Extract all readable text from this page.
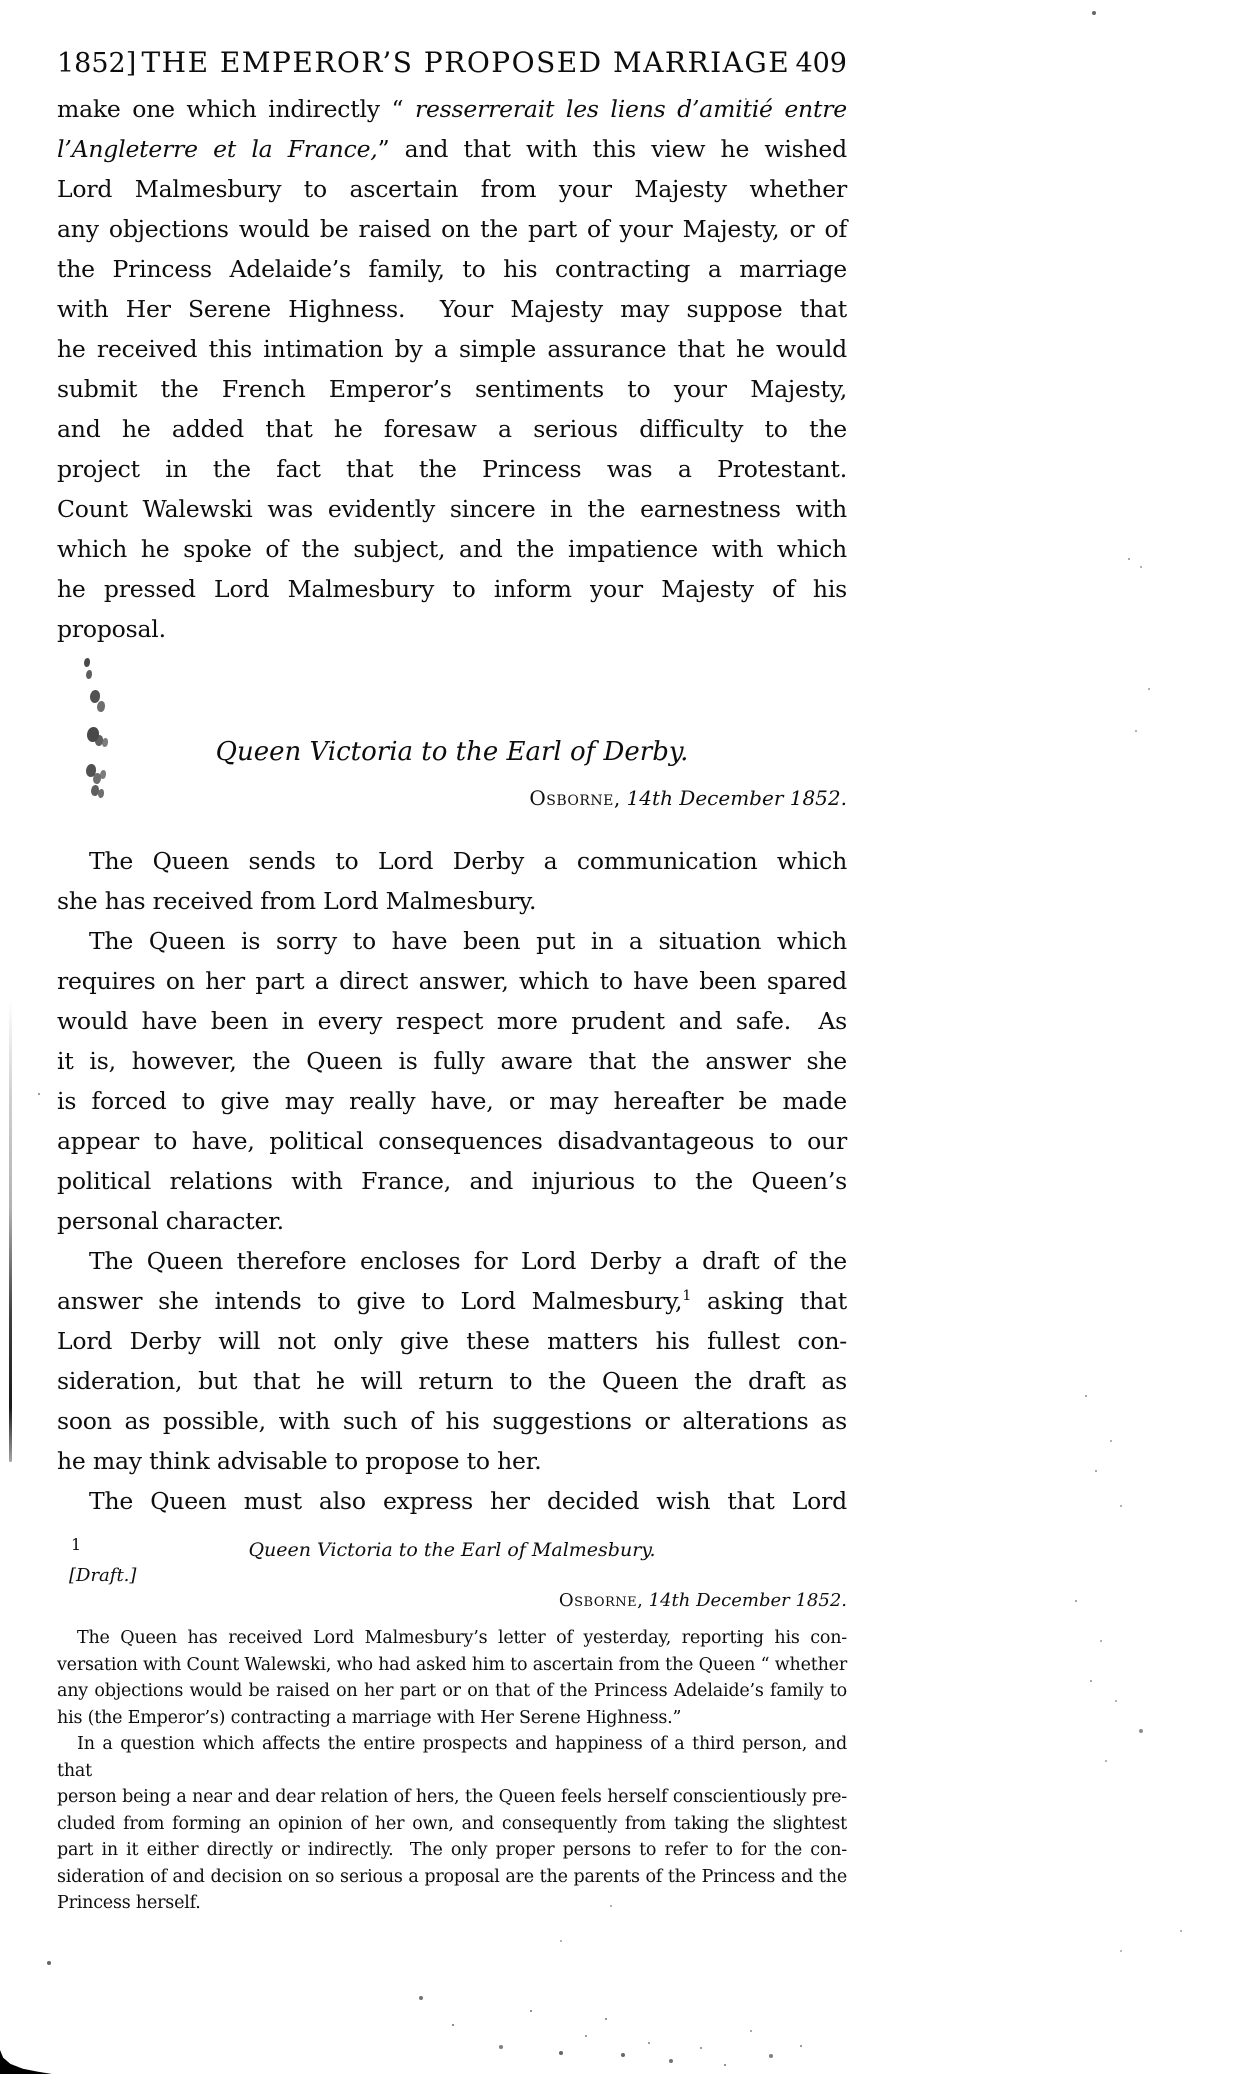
1852] THE EMPEROR’S PROPOSED MARRIAGE 409
make one which indirectly “ resserrerait les liens d’amitié entre
l’Angleterre et la France,” and that with this view he wished
Lord Malmesbury to ascertain from your Majesty whether
any objections would be raised on the part of your Majesty, or of
the Princess Adelaide’s family, to his contracting a marriage
with Her Serene Highness.  Your Majesty may suppose that
he received this intimation by a simple assurance that he would
submit the French Emperor’s sentiments to your Majesty,
and he added that he foresaw a serious difficulty to the
project in the fact that the Princess was a Protestant.
Count Walewski was evidently sincere in the earnestness with
which he spoke of the subject, and the impatience with which
he pressed Lord Malmesbury to inform your Majesty of his
proposal.
Queen Victoria to the Earl of Derby.
Osborne, 14th December 1852.
The Queen sends to Lord Derby a communication which
she has received from Lord Malmesbury.
The Queen is sorry to have been put in a situation which
requires on her part a direct answer, which to have been spared
would have been in every respect more prudent and safe.  As
it is, however, the Queen is fully aware that the answer she
is forced to give may really have, or may hereafter be made
appear to have, political consequences disadvantageous to our
political relations with France, and injurious to the Queen’s
personal character.
The Queen therefore encloses for Lord Derby a draft of the
answer she intends to give to Lord Malmesbury,$^1$ asking that
Lord Derby will not only give these matters his fullest con-
sideration, but that he will return to the Queen the draft as
soon as possible, with such of his suggestions or alterations as
he may think advisable to propose to her.
The Queen must also express her decided wish that Lord
1	Queen Victoria to the Earl of Malmesbury.
[Draft.]
Osborne, 14th December 1852.
The Queen has received Lord Malmesbury’s letter of yesterday, reporting his con-
versation with Count Walewski, who had asked him to ascertain from the Queen “ whether
any objections would be raised on her part or on that of the Princess Adelaide’s family to
his (the Emperor’s) contracting a marriage with Her Serene Highness.”
In a question which affects the entire prospects and happiness of a third person, and that
person being a near and dear relation of hers, the Queen feels herself conscientiously pre-
cluded from forming an opinion of her own, and consequently from taking the slightest
part in it either directly or indirectly.  The only proper persons to refer to for the con-
sideration of and decision on so serious a proposal are the parents of the Princess and the
Princess herself.
